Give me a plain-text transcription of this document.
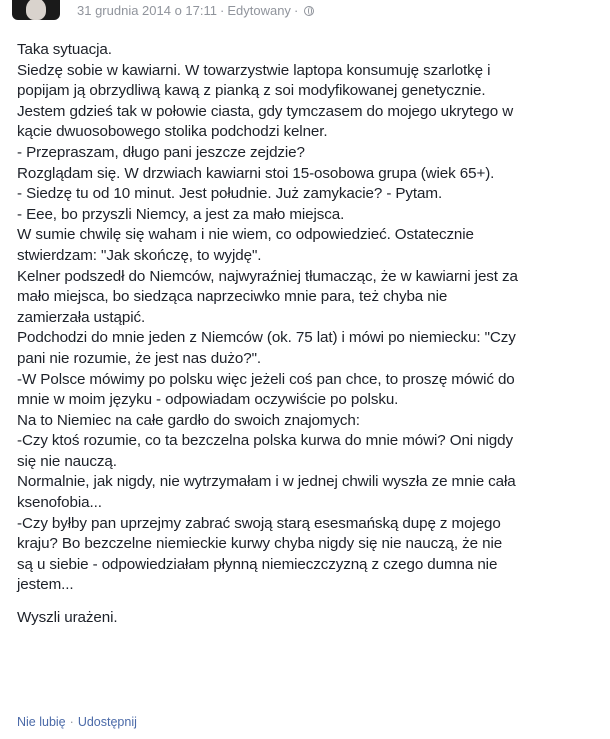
31 grudnia 2014 o 17:11 · Edytowany ·
Taka sytuacja.
Siedzę sobie w kawiarni. W towarzystwie laptopa konsumuję szarlotkę i
popijam ją obrzydliwą kawą z pianką z soi modyfikowanej genetycznie.
Jestem gdzieś tak w połowie ciasta, gdy tymczasem do mojego ukrytego w
kącie dwuosobowego stolika podchodzi kelner.
- Przepraszam, długo pani jeszcze zejdzie?
Rozglądam się. W drzwiach kawiarni stoi 15-osobowa grupa (wiek 65+).
- Siedzę tu od 10 minut. Jest południe. Już zamykacie? - Pytam.
- Eee, bo przyszli Niemcy, a jest za mało miejsca.
W sumie chwilę się waham i nie wiem, co odpowiedzieć. Ostatecznie
stwierdzam: "Jak skończę, to wyjdę".
Kelner podszedł do Niemców, najwyraźniej tłumacząc, że w kawiarni jest za
mało miejsca, bo siedząca naprzeciwko mnie para, też chyba nie
zamierzała ustąpić.
Podchodzi do mnie jeden z Niemców (ok. 75 lat) i mówi po niemiecku: "Czy
pani nie rozumie, że jest nas dużo?".
-W Polsce mówimy po polsku więc jeżeli coś pan chce, to proszę mówić do
mnie w moim języku - odpowiadam oczywiście po polsku.
Na to Niemiec na całe gardło do swoich znajomych:
-Czy ktoś rozumie, co ta bezczelna polska kurwa do mnie mówi? Oni nigdy
się nie nauczą.
Normalnie, jak nigdy, nie wytrzymałam i w jednej chwili wyszła ze mnie cała
ksenofobia...
-Czy byłby pan uprzejmy zabrać swoją starą esesmańską dupę z mojego
kraju? Bo bezczelne niemieckie kurwy chyba nigdy się nie nauczą, że nie
są u siebie - odpowiedziałam płynną niemieczczyzną z czego dumna nie
jestem...
Wyszli urażeni.
Nie lubię · Udostępnij
